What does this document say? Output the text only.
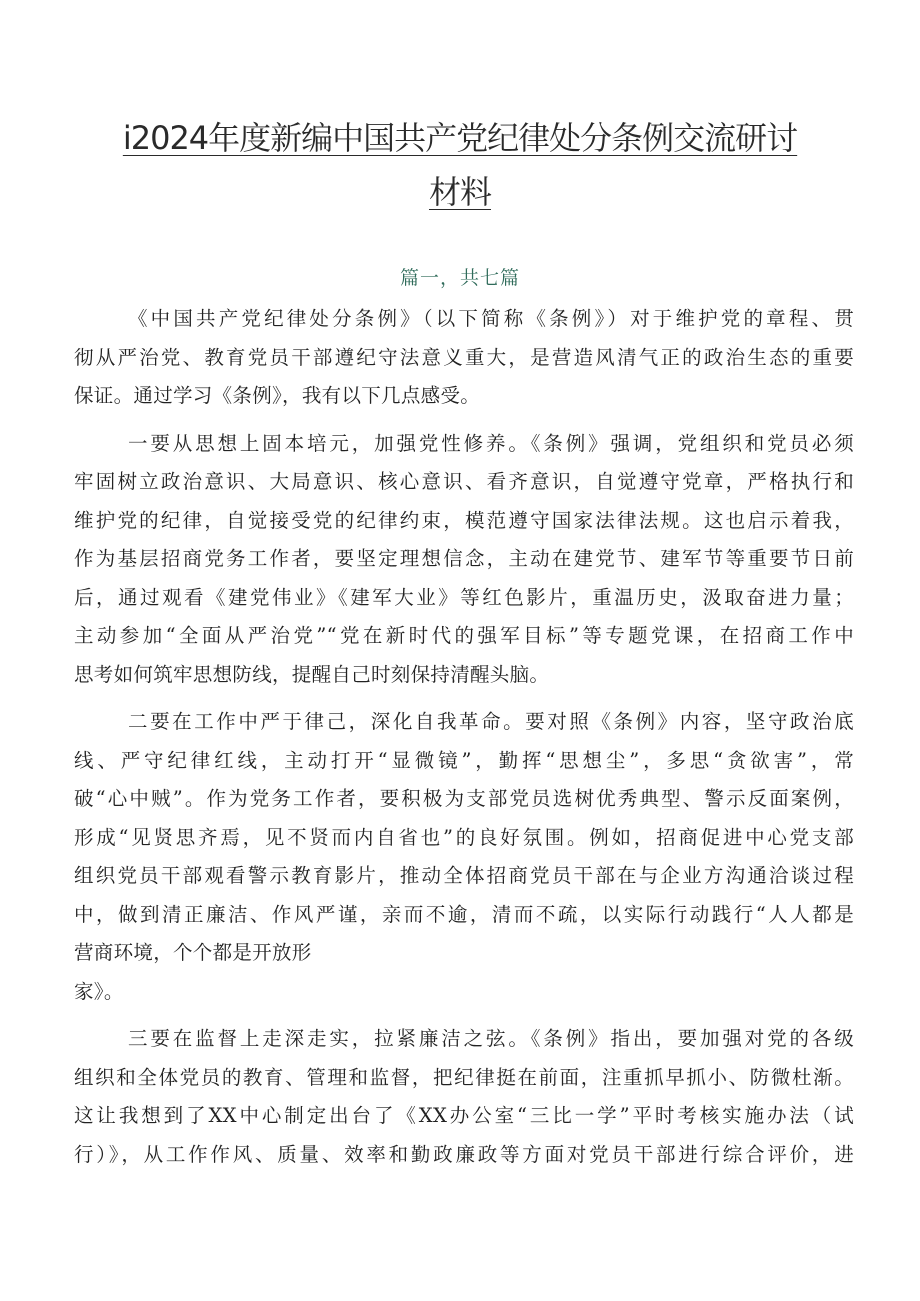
i2024年度新编中国共产党纪律处分条例交流研讨
材料
篇一，共七篇
《中国共产党纪律处分条例》（以下简称《条例》）对于维护党的章程、贯
彻从严治党、教育党员干部遵纪守法意义重大，是营造风清气正的政治生态的重要
保证。通过学习《条例》，我有以下几点感受。
一要从思想上固本培元，加强党性修养。《条例》强调，党组织和党员必须
牢固树立政治意识、大局意识、核心意识、看齐意识，自觉遵守党章，严格执行和
维护党的纪律，自觉接受党的纪律约束，模范遵守国家法律法规。这也启示着我，
作为基层招商党务工作者，要坚定理想信念，主动在建党节、建军节等重要节日前
后，通过观看《建党伟业》《建军大业》等红色影片，重温历史，汲取奋进力量；
主动参加“全面从严治党”“党在新时代的强军目标”等专题党课，在招商工作中
思考如何筑牢思想防线，提醒自己时刻保持清醒头脑。
二要在工作中严于律己，深化自我革命。要对照《条例》内容，坚守政治底
线、严守纪律红线，主动打开“显微镜”，勤挥“思想尘”，多思“贪欲害”，常
破“心中贼”。作为党务工作者，要积极为支部党员选树优秀典型、警示反面案例，
形成“见贤思齐焉，见不贤而内自省也”的良好氛围。例如，招商促进中心党支部
组织党员干部观看警示教育影片，推动全体招商党员干部在与企业方沟通洽谈过程
中，做到清正廉洁、作风严谨，亲而不逾，清而不疏，以实际行动践行“人人都是
营商环境，个个都是开放形
家》。
三要在监督上走深走实，拉紧廉洁之弦。《条例》指出，要加强对党的各级
组织和全体党员的教育、管理和监督，把纪律挺在前面，注重抓早抓小、防微杜渐。
这让我想到了XX中心制定出台了《XX办公室“三比一学”平时考核实施办法（试
行）》，从工作作风、质量、效率和勤政廉政等方面对党员干部进行综合评价，进
